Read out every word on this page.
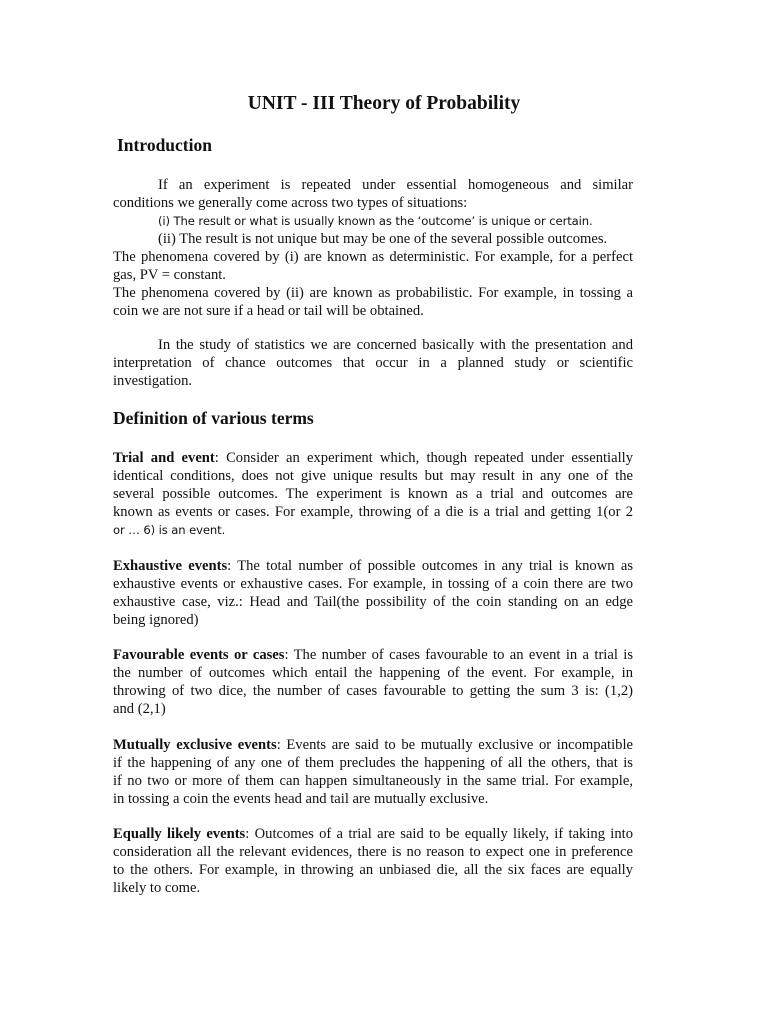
UNIT - III Theory of Probability
Introduction

If an experiment is repeated under essential homogeneous and similar

conditions we generally come across two types of situations:

(i) The result or what is usually known as the ‘outcome’ is unique or certain.

(ii) The result is not unique but may be one of the several possible outcomes.

The phenomena covered by (i) are known as deterministic. For example, for a perfect

gas, PV = constant.

The phenomena covered by (ii) are known as probabilistic. For example, in tossing a

coin we are not sure if a head or tail will be obtained.

In the study of statistics we are concerned basically with the presentation and

interpretation of chance outcomes that occur in a planned study or scientific

investigation.

Definition of various terms

Trial and event: Consider an experiment which, though repeated under essentially

identical conditions, does not give unique results but may result in any one of the

several possible outcomes. The experiment is known as a trial and outcomes are

known as events or cases. For example, throwing of a die is a trial and getting 1(or 2

or … 6) is an event.

Exhaustive events: The total number of possible outcomes in any trial is known as

exhaustive events or exhaustive cases. For example, in tossing of a coin there are two

exhaustive case, viz.: Head and Tail(the possibility of the coin standing on an edge

being ignored)

Favourable events or cases: The number of cases favourable to an event in a trial is

the number of outcomes which entail the happening of the event. For example, in

throwing of two dice, the number of cases favourable to getting the sum 3 is: (1,2)

and (2,1)

Mutually exclusive events: Events are said to be mutually exclusive or incompatible

if the happening of any one of them precludes the happening of all the others, that is

if no two or more of them can happen simultaneously in the same trial. For example,

in tossing a coin the events head and tail are mutually exclusive.

Equally likely events: Outcomes of a trial are said to be equally likely, if taking into

consideration all the relevant evidences, there is no reason to expect one in preference

to the others. For example, in throwing an unbiased die, all the six faces are equally

likely to come.
